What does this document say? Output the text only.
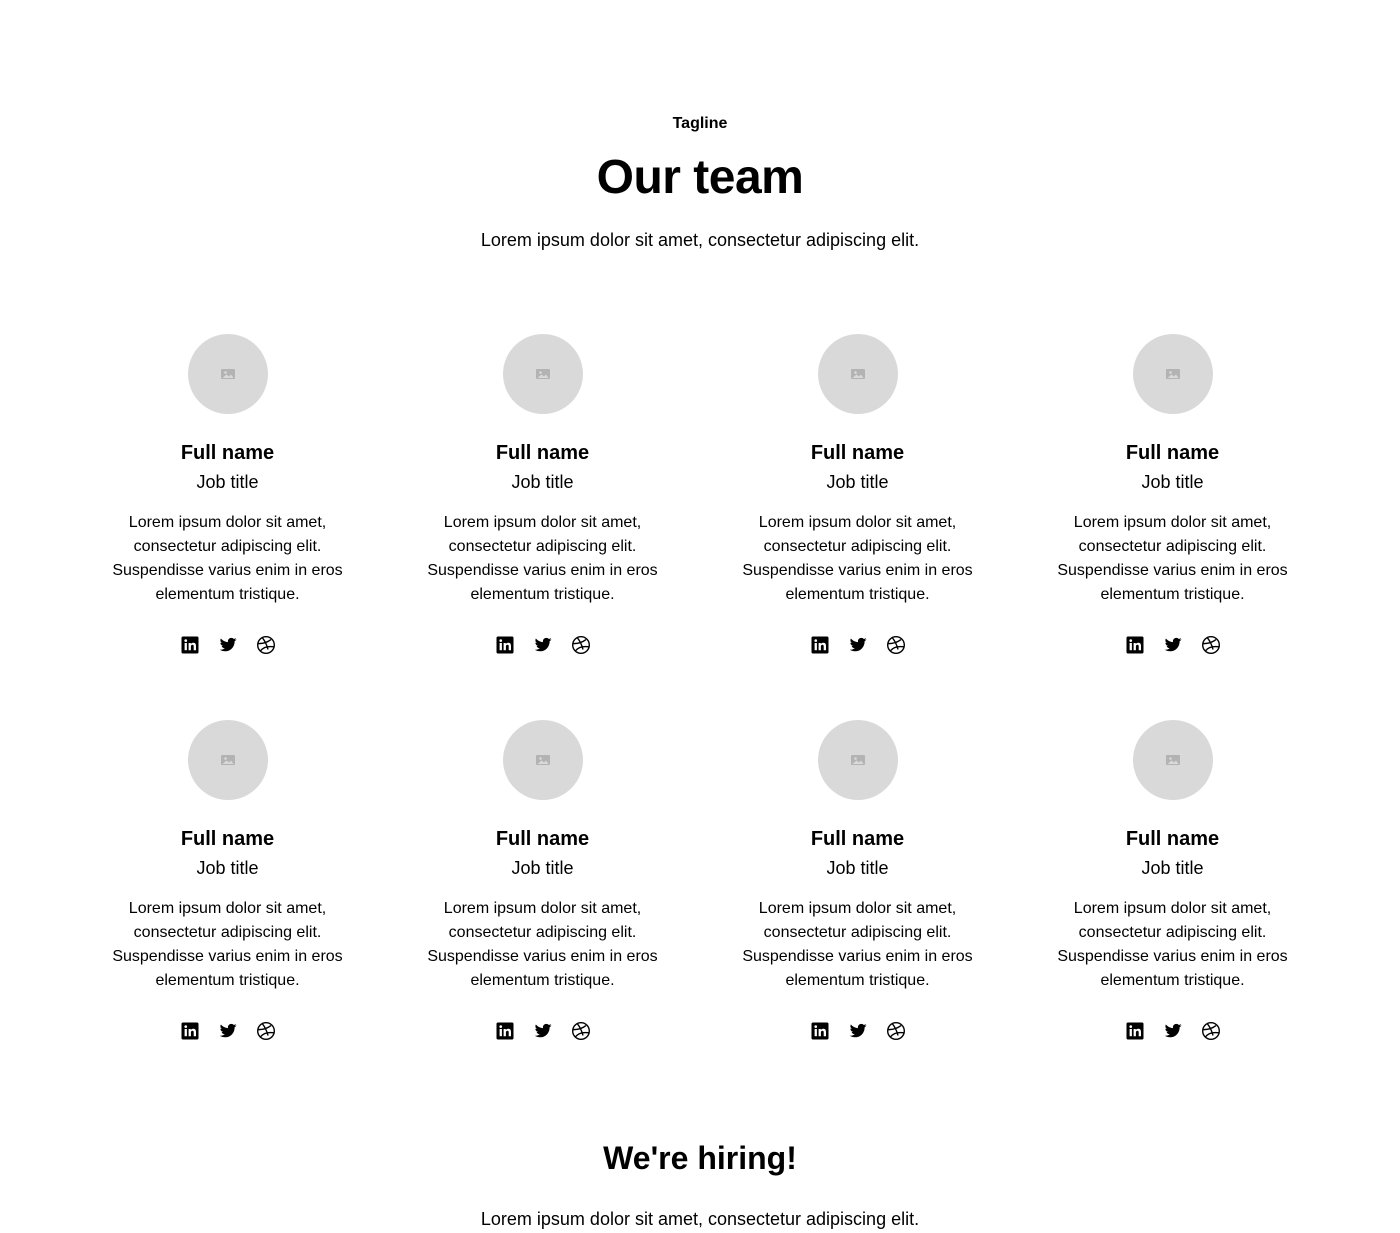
Tagline

Our team

Lorem ipsum dolor sit amet, consectetur adipiscing elit.

Full name

Job title

Lorem ipsum dolor sit amet, consectetur adipiscing elit. Suspendisse varius enim in eros elementum tristique.

Full name

Job title

Lorem ipsum dolor sit amet, consectetur adipiscing elit. Suspendisse varius enim in eros elementum tristique.

Full name

Job title

Lorem ipsum dolor sit amet, consectetur adipiscing elit. Suspendisse varius enim in eros elementum tristique.

Full name

Job title

Lorem ipsum dolor sit amet, consectetur adipiscing elit. Suspendisse varius enim in eros elementum tristique.

Full name

Job title

Lorem ipsum dolor sit amet, consectetur adipiscing elit. Suspendisse varius enim in eros elementum tristique.

Full name

Job title

Lorem ipsum dolor sit amet, consectetur adipiscing elit. Suspendisse varius enim in eros elementum tristique.

Full name

Job title

Lorem ipsum dolor sit amet, consectetur adipiscing elit. Suspendisse varius enim in eros elementum tristique.

Full name

Job title

Lorem ipsum dolor sit amet, consectetur adipiscing elit. Suspendisse varius enim in eros elementum tristique.

We're hiring!

Lorem ipsum dolor sit amet, consectetur adipiscing elit.
